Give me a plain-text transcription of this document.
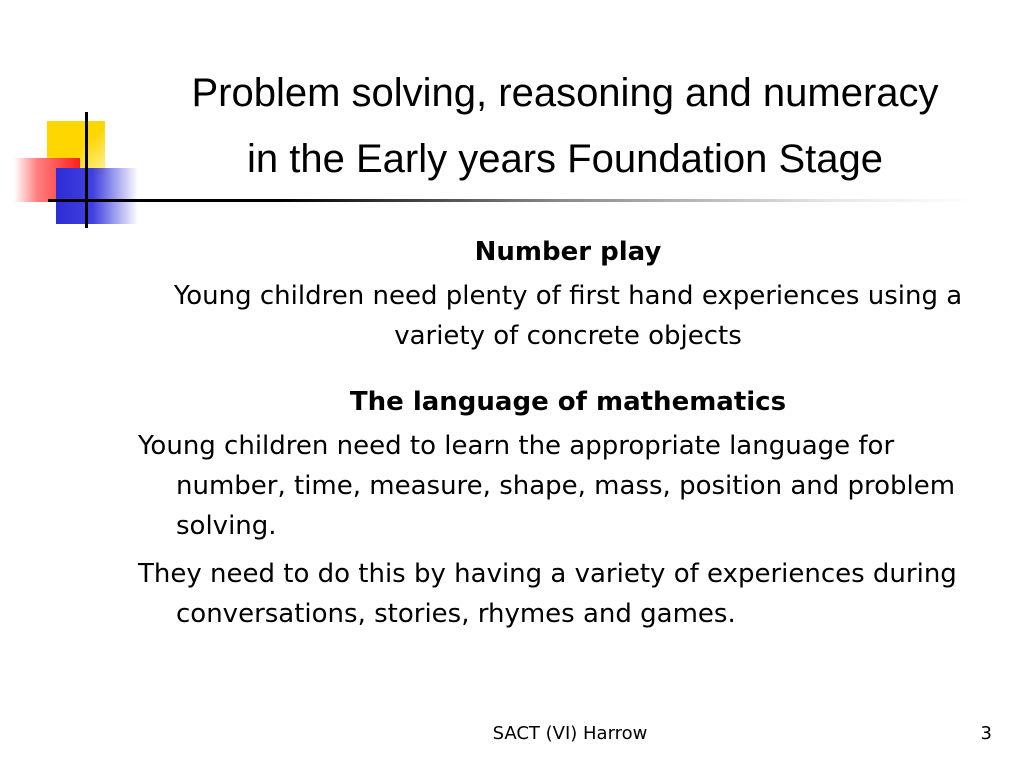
Problem solving, reasoning and numeracy
in the Early years Foundation Stage

Number play

Young children need plenty of first hand experiences using a variety of concrete objects

The language of mathematics

Young children need to learn the appropriate language for number, time, measure, shape, mass, position and problem solving.

They need to do this by having a variety of experiences during conversations, stories, rhymes and games.

SACT (VI) Harrow	3
